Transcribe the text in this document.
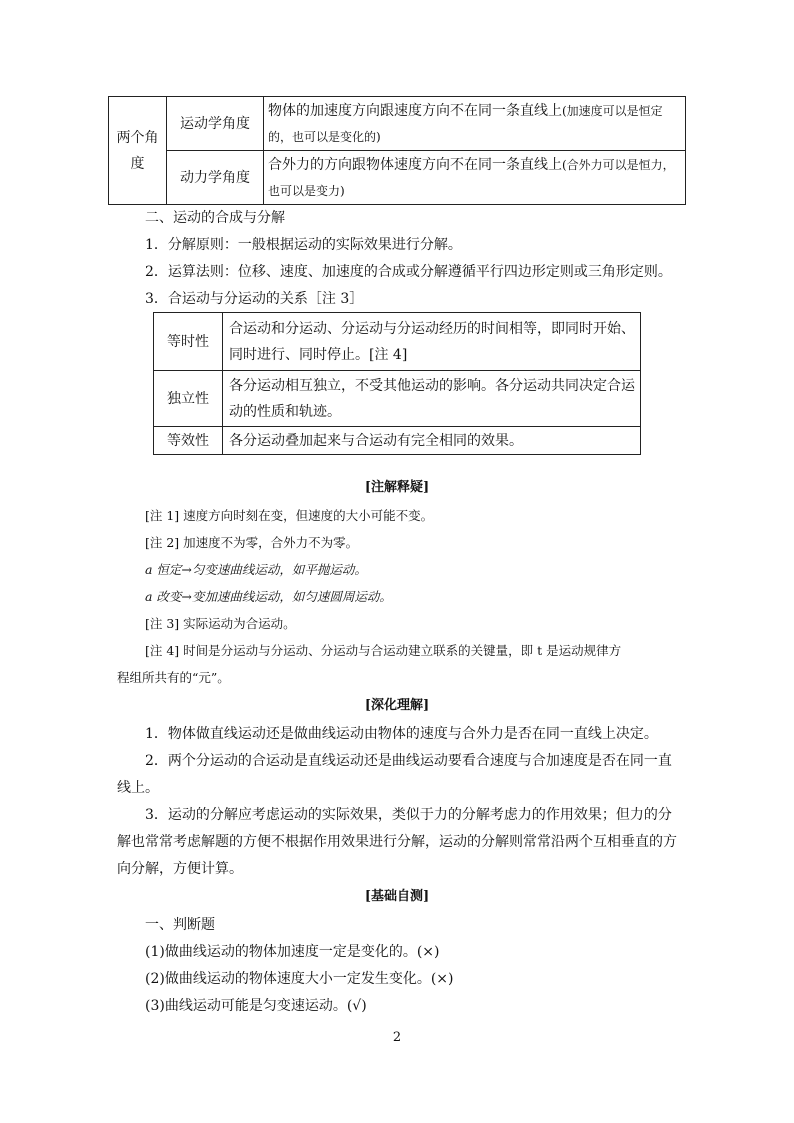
两个角度	运动学角度	物体的加速度方向跟速度方向不在同一条直线上(加速度可以是恒定的，也可以是变化的)
	动力学角度	合外力的方向跟物体速度方向不在同一条直线上(合外力可以是恒力，也可以是变力)
二、运动的合成与分解
1．分解原则：一般根据运动的实际效果进行分解。
2．运算法则：位移、速度、加速度的合成或分解遵循平行四边形定则或三角形定则。
3．合运动与分运动的关系［注 3］
等时性	合运动和分运动、分运动与分运动经历的时间相等，即同时开始、同时进行、同时停止。[注 4]
独立性	各分运动相互独立，不受其他运动的影响。各分运动共同决定合运动的性质和轨迹。
等效性	各分运动叠加起来与合运动有完全相同的效果。
[注解释疑]
[注 1] 速度方向时刻在变，但速度的大小可能不变。
[注 2] 加速度不为零，合外力不为零。
a 恒定→匀变速曲线运动，如平抛运动。
a 改变→变加速曲线运动，如匀速圆周运动。
[注 3] 实际运动为合运动。
[注 4] 时间是分运动与分运动、分运动与合运动建立联系的关键量，即 t 是运动规律方
程组所共有的“元”。
[深化理解]
1．物体做直线运动还是做曲线运动由物体的速度与合外力是否在同一直线上决定。
2．两个分运动的合运动是直线运动还是曲线运动要看合速度与合加速度是否在同一直
线上。
3．运动的分解应考虑运动的实际效果，类似于力的分解考虑力的作用效果；但力的分
解也常常考虑解题的方便不根据作用效果进行分解，运动的分解则常常沿两个互相垂直的方
向分解，方便计算。
[基础自测]
一、判断题
(1)做曲线运动的物体加速度一定是变化的。(×)
(2)做曲线运动的物体速度大小一定发生变化。(×)
(3)曲线运动可能是匀变速运动。(√)
2
